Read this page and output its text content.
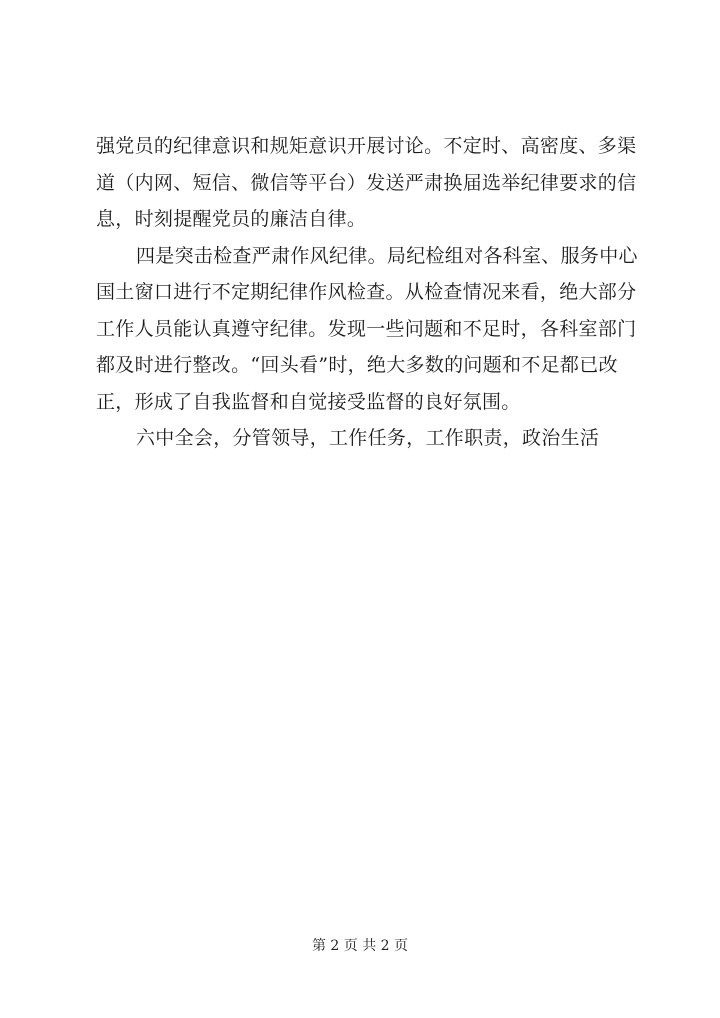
强党员的纪律意识和规矩意识开展讨论。不定时、高密度、多渠
道（内网、短信、微信等平台）发送严肃换届选举纪律要求的信
息，时刻提醒党员的廉洁自律。
四是突击检查严肃作风纪律。局纪检组对各科室、服务中心
国土窗口进行不定期纪律作风检查。从检查情况来看，绝大部分
工作人员能认真遵守纪律。发现一些问题和不足时，各科室部门
都及时进行整改。“回头看”时，绝大多数的问题和不足都已改
正，形成了自我监督和自觉接受监督的良好氛围。
六中全会，分管领导，工作任务，工作职责，政治生活
第 2 页 共 2 页
